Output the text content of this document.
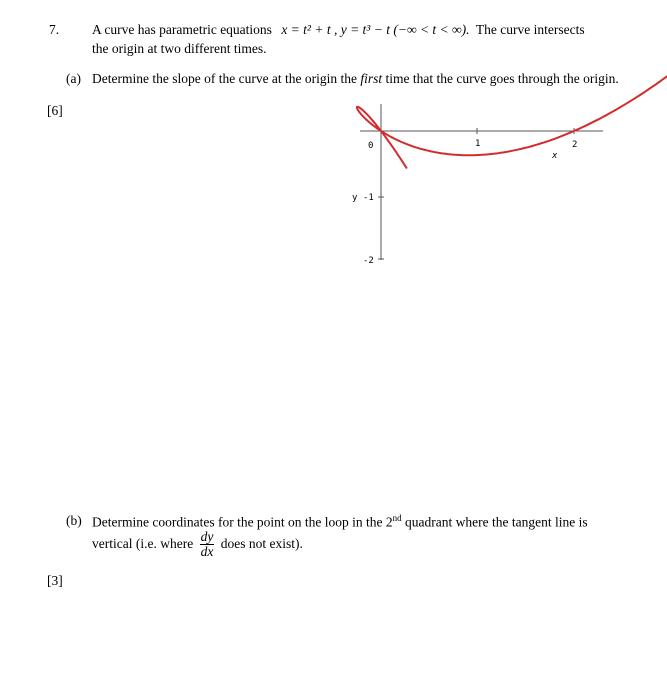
7. A curve has parametric equations x = t² + t , y = t³ − t (−∞ < t < ∞). The curve intersects
the origin at two different times.
(a) Determine the slope of the curve at the origin the first time that the curve goes through the origin.
[6]
0	1	2
x
y -1
-2
(b) Determine coordinates for the point on the loop in the 2nd quadrant where the tangent line is
vertical (i.e. where $\frac{dy}{dx}$ does not exist).
[3]
